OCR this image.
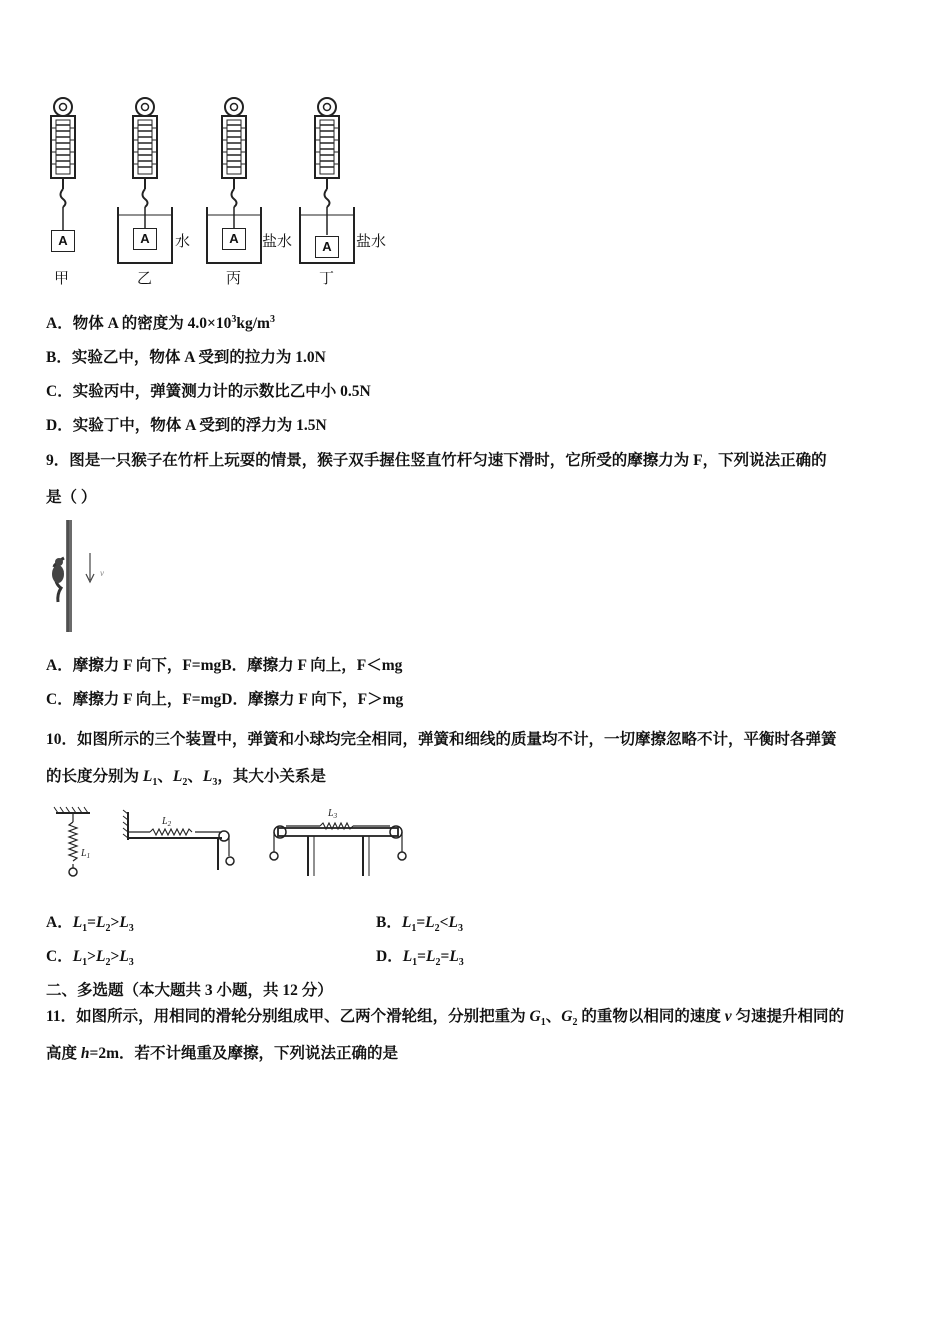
A	A	A
A
水	盐水	盐水
甲	乙	丙	丁
A．物体 A 的密度为 $4.0\times 10^3kg/m^3$
B．实验乙中，物体 A 受到的拉力为 1.0N
C．实验丙中，弹簧测力计的示数比乙中小 0.5N
D．实验丁中，物体 A 受到的浮力为 1.5N
9．图是一只猴子在竹杆上玩耍的情景，猴子双手握住竖直竹杆匀速下滑时，它所受的摩擦力为 F，下列说法正确的
是（ ）
v
A．摩擦力 F 向下，F=mgB．摩擦力 F 向上，F＜mg
C．摩擦力 F 向上，F=mgD．摩擦力 F 向下，F＞mg
10．如图所示的三个装置中，弹簧和小球均完全相同，弹簧和细线的质量均不计，一切摩擦忽略不计，平衡时各弹簧
的长度分别为 $L_1$、$L_2$、$L_3$，其大小关系是
$L_1$
$L_2$
$L_3$
A．$L_1=L_2>L_3$	B．$L_1=L_2<L_3$
C．$L_1>L_2>L_3$	D．$L_1=L_2=L_3$
二、多选题（本大题共 3 小题，共 12 分）
11．如图所示，用相同的滑轮分别组成甲、乙两个滑轮组，分别把重为 $G_1$、$G_2$ 的重物以相同的速度 v 匀速提升相同的
高度 h=2m．若不计绳重及摩擦，下列说法正确的是
